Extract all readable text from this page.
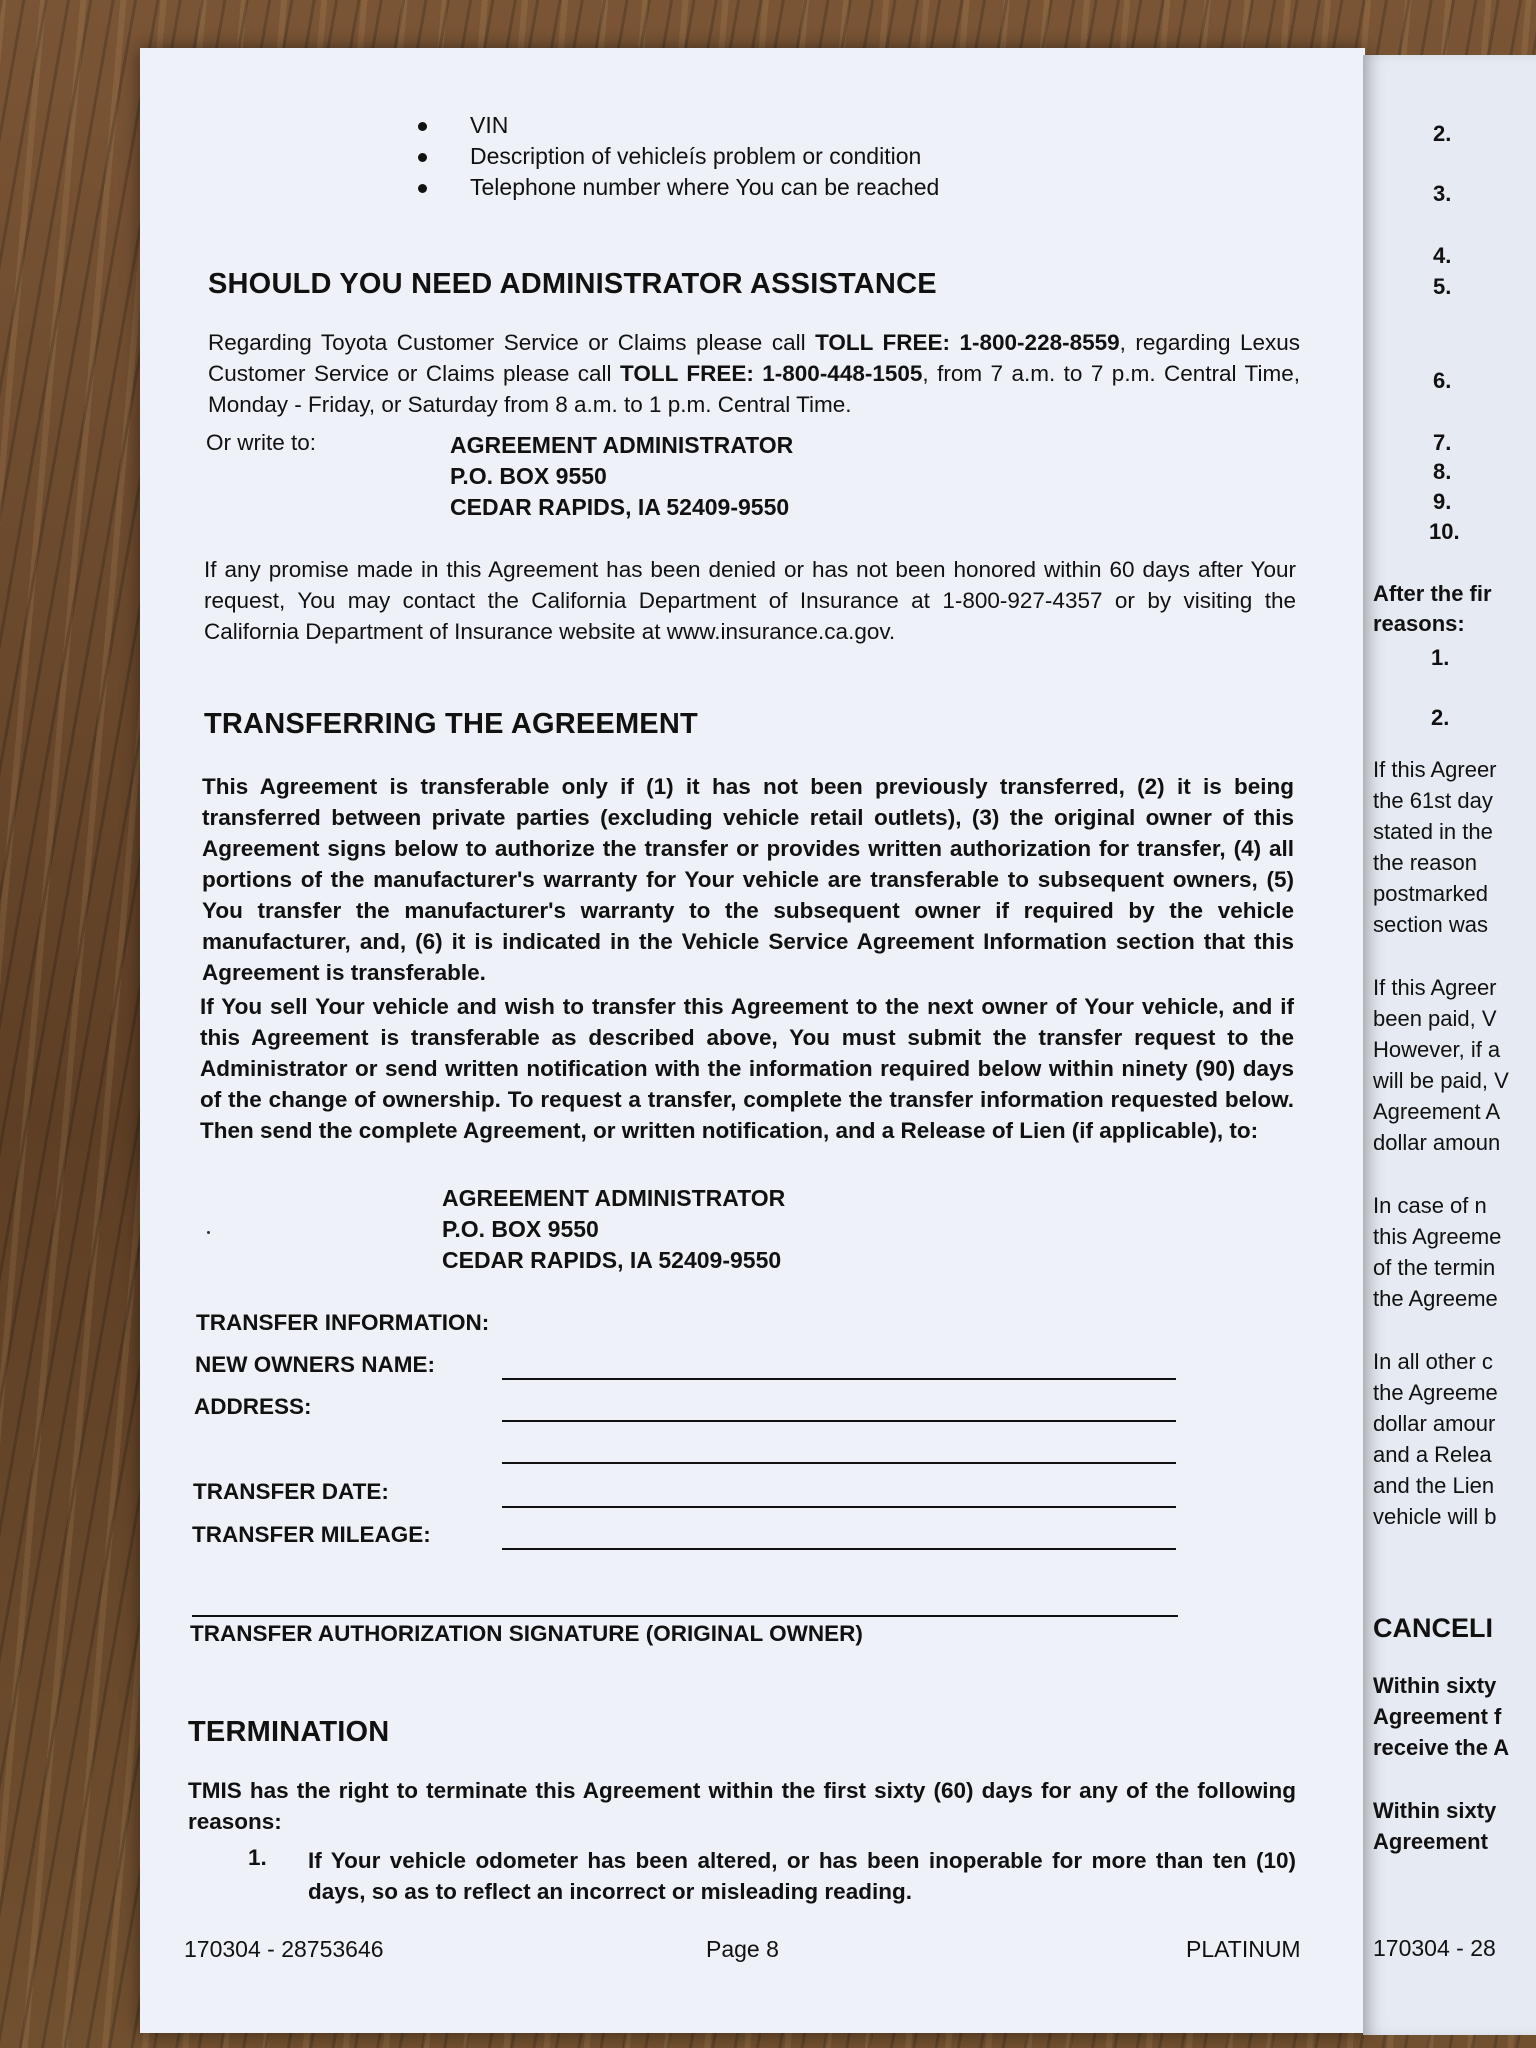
VIN
Description of vehicleís problem or condition
Telephone number where You can be reached
SHOULD YOU NEED ADMINISTRATOR ASSISTANCE
Regarding Toyota Customer Service or Claims please call TOLL FREE: 1-800-228-8559, regarding Lexus Customer Service or Claims please call TOLL FREE: 1-800-448-1505, from 7 a.m. to 7 p.m. Central Time, Monday - Friday, or Saturday from 8 a.m. to 1 p.m. Central Time.
Or write to:	AGREEMENT ADMINISTRATOR
P.O. BOX 9550
CEDAR RAPIDS, IA 52409-9550
If any promise made in this Agreement has been denied or has not been honored within 60 days after Your request, You may contact the California Department of Insurance at 1-800-927-4357 or by visiting the California Department of Insurance website at www.insurance.ca.gov.
TRANSFERRING THE AGREEMENT
This Agreement is transferable only if (1) it has not been previously transferred, (2) it is being transferred between private parties (excluding vehicle retail outlets), (3) the original owner of this Agreement signs below to authorize the transfer or provides written authorization for transfer, (4) all portions of the manufacturer's warranty for Your vehicle are transferable to subsequent owners, (5) You transfer the manufacturer's warranty to the subsequent owner if required by the vehicle manufacturer, and, (6) it is indicated in the Vehicle Service Agreement Information section that this Agreement is transferable.
If You sell Your vehicle and wish to transfer this Agreement to the next owner of Your vehicle, and if this Agreement is transferable as described above, You must submit the transfer request to the Administrator or send written notification with the information required below within ninety (90) days of the change of ownership. To request a transfer, complete the transfer information requested below. Then send the complete Agreement, or written notification, and a Release of Lien (if applicable), to:
AGREEMENT ADMINISTRATOR
P.O. BOX 9550
CEDAR RAPIDS, IA 52409-9550
TRANSFER INFORMATION:
NEW OWNERS NAME:
ADDRESS:
TRANSFER DATE:
TRANSFER MILEAGE:
TRANSFER AUTHORIZATION SIGNATURE (ORIGINAL OWNER)
TERMINATION
TMIS has the right to terminate this Agreement within the first sixty (60) days for any of the following reasons:
1. If Your vehicle odometer has been altered, or has been inoperable for more than ten (10) days, so as to reflect an incorrect or misleading reading.
170304 - 28753646	Page 8	PLATINUM
2.
3.
4.
5.
6.
7.
8.
9.
10.
After the fir
reasons:
1.
2.
If this Agreer
the 61st day
stated in the
the reason
postmarked
section was
If this Agreer
been paid, V
However, if a
will be paid, V
Agreement A
dollar amoun
In case of n
this Agreeme
of the termin
the Agreeme
In all other c
the Agreeme
dollar amour
and a Relea
and the Lien
vehicle will b
CANCELI
Within sixty
Agreement f
receive the A
Within sixty
Agreement
170304 - 28
